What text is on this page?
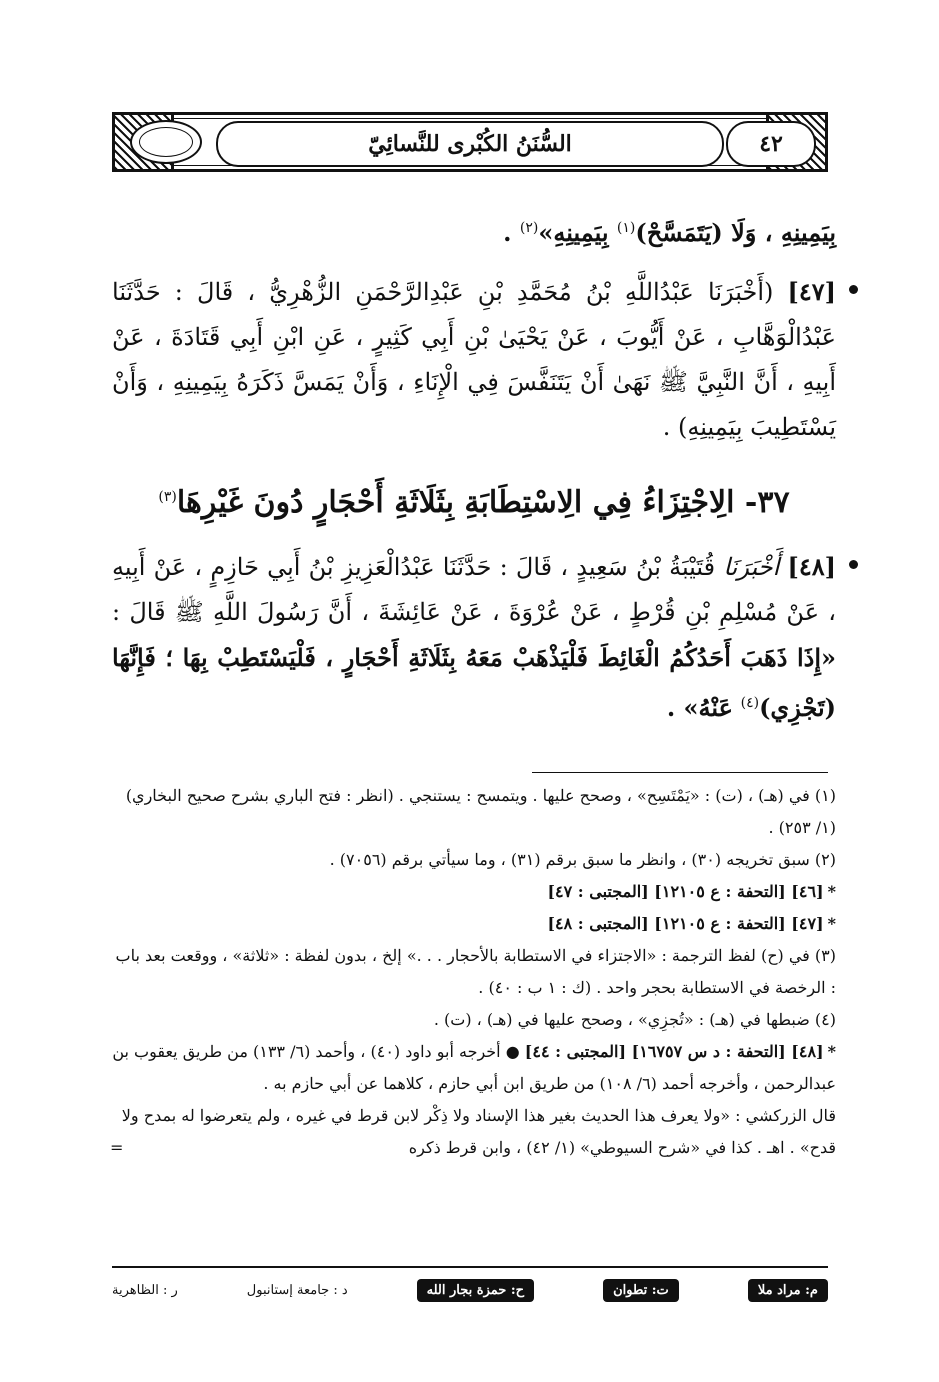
السُّنَنُ الكُبْرى للنَّسائِيّ	٤٢

بِيَمِينِهِ ، وَلَا (يَتَمَسَّحْ)$^{(١)}$ بِيَمِينِهِ»$^{(٢)}$ .

[٤٧] (أَخْبَرَنَا عَبْدُاللَّهِ بْنُ مُحَمَّدِ بْنِ عَبْدِالرَّحْمَنِ الزُّهْرِيُّ ، قَالَ : حَدَّثَنَا عَبْدُالْوَهَّابِ ، عَنْ أَيُّوبَ ، عَنْ يَحْيَىٰ بْنِ أَبِي كَثِيرٍ ، عَنِ ابْنِ أَبِي قَتَادَةَ ، عَنْ أَبِيهِ ، أَنَّ النَّبِيَّ ﷺ نَهَىٰ أَنْ يَتَنَفَّسَ فِي الْإِنَاءِ ، وَأَنْ يَمَسَّ ذَكَرَهُ بِيَمِينِهِ ، وَأَنْ يَسْتَطِيبَ بِيَمِينِهِ) .

٣٧- الِاجْتِزَاءُ فِي الِاسْتِطَابَةِ بِثَلَاثَةِ أَحْجَارٍ دُونَ غَيْرِهَا$^{(٣)}$

[٤٨] أَخْبَرَنَا قُتَيْبَةُ بْنُ سَعِيدٍ ، قَالَ : حَدَّثَنَا عَبْدُالْعَزِيزِ بْنُ أَبِي حَازِمٍ ، عَنْ أَبِيهِ ، عَنْ مُسْلِمِ بْنِ قُرْطٍ ، عَنْ عُرْوَةَ ، عَنْ عَائِشَةَ ، أَنَّ رَسُولَ اللَّهِ ﷺ قَالَ : «إِذَا ذَهَبَ أَحَدُكُمُ الْغَائِطَ فَلْيَذْهَبْ مَعَهُ بِثَلَاثَةِ أَحْجَارٍ ، فَلْيَسْتَطِبْ بِهَا ؛ فَإِنَّهَا (تَجْزِي)$^{(٤)}$ عَنْهُ» .

(١) في (هـ) ، (ت) : «يَمْتَسِح» ، وصحح عليها . ويتمسح : يستنجي . (انظر : فتح الباري بشرح صحيح البخاري) (١/ ٢٥٣) .

(٢) سبق تخريجه (٣٠) ، وانظر ما سبق برقم (٣١) ، وما سيأتي برقم (٧٠٥٦) .

*[٤٦] [التحفة : ع ١٢١٠٥] [المجتبى : ٤٧]

*[٤٧] [التحفة : ع ١٢١٠٥] [المجتبى : ٤٨]

(٣) في (ح) لفظ الترجمة : «الاجتزاء في الاستطابة بالأحجار . . .» إلخ ، بدون لفظة : «ثلاثة» ، ووقعت بعد باب : الرخصة في الاستطابة بحجر واحد . (ك : ١ ب : ٤٠) .

(٤) ضبطها في (هـ) : «تُجزِي» ، وصحح عليها في (هـ) ، (ت) .

*[٤٨] [التحفة : د س ١٦٧٥٧] [المجتبى : ٤٤] ● أخرجه أبو داود (٤٠) ، وأحمد (٦/ ١٣٣) من طريق يعقوب بن عبدالرحمن ، وأخرجه أحمد (٦/ ١٠٨) من طريق ابن أبي حازم ، كلاهما عن أبي حازم به .

قال الزركشي : «ولا يعرف هذا الحديث بغير هذا الإسناد ولا ذِكْر لابن قرط في غيره ، ولم يتعرضوا له بمدح ولا قدح» . اهـ . كذا في «شرح السيوطي» (١/ ٤٢) ، وابن قرط ذكره
=

م: مراد ملا
ت: تطوان
ح: حمزة بجار الله
د : جامعة إستانبول
ر : الظاهرية
